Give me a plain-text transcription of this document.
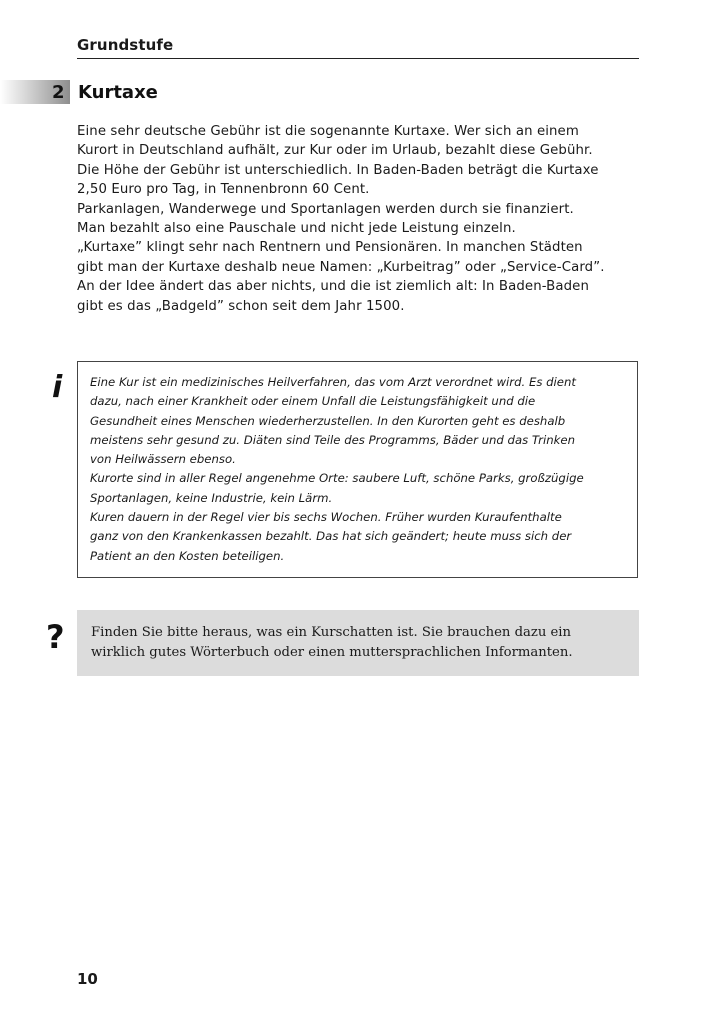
Grundstufe
2 Kurtaxe
Eine sehr deutsche Gebühr ist die sogenannte Kurtaxe. Wer sich an einem
Kurort in Deutschland aufhält, zur Kur oder im Urlaub, bezahlt diese Gebühr.
Die Höhe der Gebühr ist unterschiedlich. In Baden-Baden beträgt die Kurtaxe
2,50 Euro pro Tag, in Tennenbronn 60 Cent.
Parkanlagen, Wanderwege und Sportanlagen werden durch sie finanziert.
Man bezahlt also eine Pauschale und nicht jede Leistung einzeln.
„Kurtaxe” klingt sehr nach Rentnern und Pensionären. In manchen Städten
gibt man der Kurtaxe deshalb neue Namen: „Kurbeitrag” oder „Service-Card”.
An der Idee ändert das aber nichts, und die ist ziemlich alt: In Baden-Baden
gibt es das „Badgeld” schon seit dem Jahr 1500.
i Eine Kur ist ein medizinisches Heilverfahren, das vom Arzt verordnet wird. Es dient
dazu, nach einer Krankheit oder einem Unfall die Leistungsfähigkeit und die
Gesundheit eines Menschen wiederherzustellen. In den Kurorten geht es deshalb
meistens sehr gesund zu. Diäten sind Teile des Programms, Bäder und das Trinken
von Heilwässern ebenso.
Kurorte sind in aller Regel angenehme Orte: saubere Luft, schöne Parks, großzügige
Sportanlagen, keine Industrie, kein Lärm.
Kuren dauern in der Regel vier bis sechs Wochen. Früher wurden Kuraufenthalte
ganz von den Krankenkassen bezahlt. Das hat sich geändert; heute muss sich der
Patient an den Kosten beteiligen.
? Finden Sie bitte heraus, was ein Kurschatten ist. Sie brauchen dazu ein
wirklich gutes Wörterbuch oder einen muttersprachlichen Informanten.
10
